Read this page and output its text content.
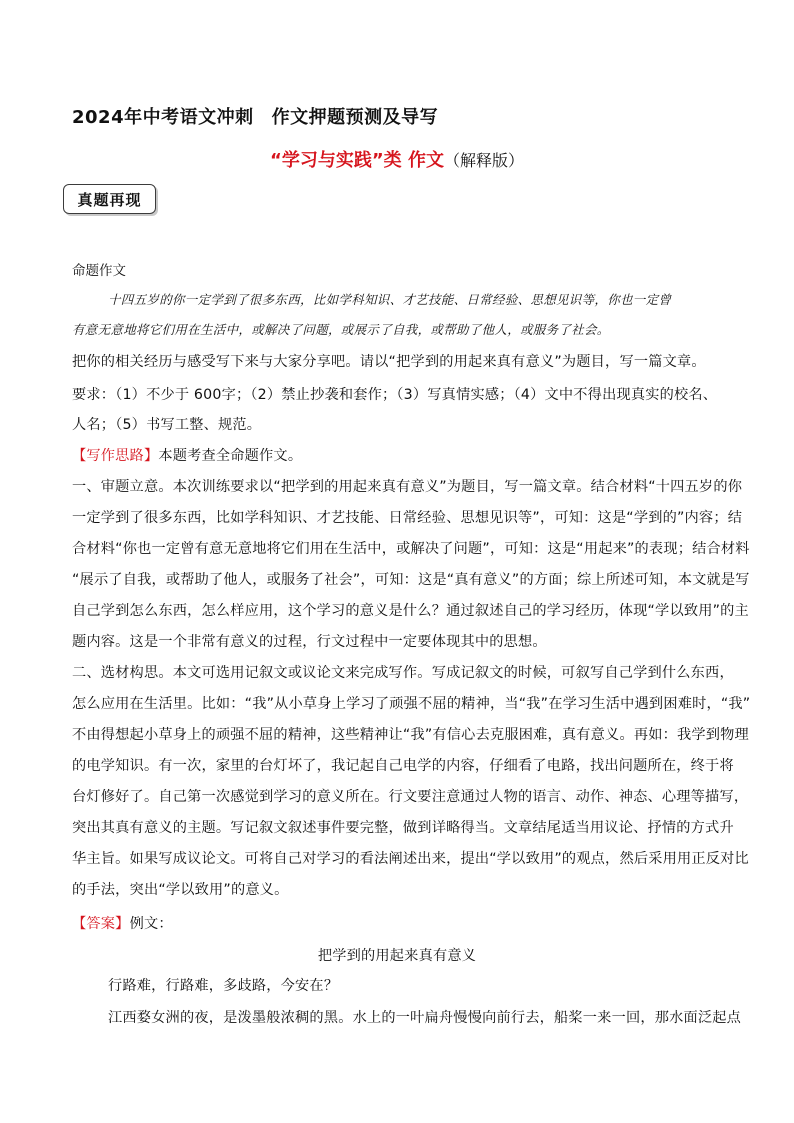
2024年中考语文冲刺 作文押题预测及导写
“学习与实践”类 作文（解释版）
真题再现
命题作文
十四五岁的你一定学到了很多东西，比如学科知识、才艺技能、日常经验、思想见识等，你也一定曾
有意无意地将它们用在生活中，或解决了问题，或展示了自我，或帮助了他人，或服务了社会。
把你的相关经历与感受写下来与大家分享吧。请以“把学到的用起来真有意义”为题目，写一篇文章。
要求：（1）不少于 600字；（2）禁止抄袭和套作；（3）写真情实感；（4）文中不得出现真实的校名、
人名；（5）书写工整、规范。
【写作思路】本题考查全命题作文。
一、审题立意。本次训练要求以“把学到的用起来真有意义”为题目，写一篇文章。结合材料“十四五岁的你
一定学到了很多东西，比如学科知识、才艺技能、日常经验、思想见识等”，可知：这是“学到的”内容；结
合材料“你也一定曾有意无意地将它们用在生活中，或解决了问题”，可知：这是“用起来”的表现；结合材料
“展示了自我，或帮助了他人，或服务了社会”，可知：这是“真有意义”的方面；综上所述可知，本文就是写
自己学到怎么东西，怎么样应用，这个学习的意义是什么？通过叙述自己的学习经历，体现“学以致用”的主
题内容。这是一个非常有意义的过程，行文过程中一定要体现其中的思想。
二、选材构思。本文可选用记叙文或议论文来完成写作。写成记叙文的时候，可叙写自己学到什么东西，
怎么应用在生活里。比如：“我”从小草身上学习了顽强不屈的精神，当“我”在学习生活中遇到困难时，“我”
不由得想起小草身上的顽强不屈的精神，这些精神让“我”有信心去克服困难，真有意义。再如：我学到物理
的电学知识。有一次，家里的台灯坏了，我记起自己电学的内容，仔细看了电路，找出问题所在，终于将
台灯修好了。自己第一次感觉到学习的意义所在。行文要注意通过人物的语言、动作、神态、心理等描写，
突出其真有意义的主题。写记叙文叙述事件要完整，做到详略得当。文章结尾适当用议论、抒情的方式升
华主旨。如果写成议论文。可将自己对学习的看法阐述出来，提出“学以致用”的观点，然后采用用正反对比
的手法，突出“学以致用”的意义。
【答案】例文：
把学到的用起来真有意义
行路难，行路难，多歧路，今安在？
江西婺女洲的夜，是泼墨般浓稠的黑。水上的一叶扁舟慢慢向前行去，船桨一来一回，那水面泛起点
